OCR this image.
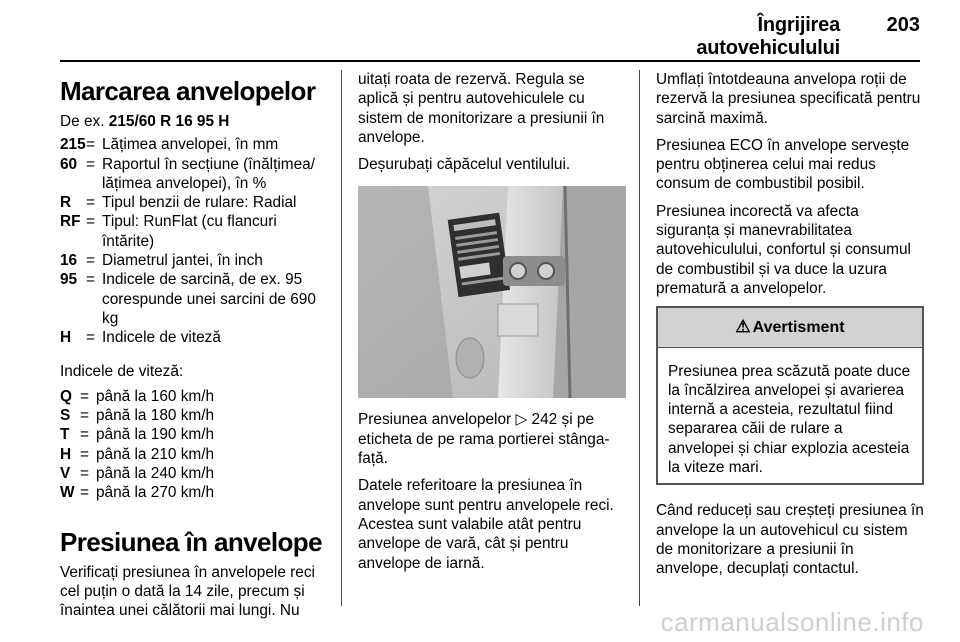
Îngrijirea autovehiculului
203
Marcarea anvelopelor

De ex. 215/60 R 16 95 H

215 = Lățimea anvelopei, în mm
60 = Raportul în secțiune (înălțimea/ lățimea anvelopei), în %
R = Tipul benzii de rulare: Radial
RF = Tipul: RunFlat (cu flancuri întărite)
16 = Diametrul jantei, în inch
95 = Indicele de sarcină, de ex. 95 corespunde unei sarcini de 690 kg
H = Indicele de viteză

Indicele de viteză:

Q = până la 160 km/h
S = până la 180 km/h
T = până la 190 km/h
H = până la 210 km/h
V = până la 240 km/h
W = până la 270 km/h
Presiunea în anvelope

Verificați presiunea în anvelopele reci cel puțin o dată la 14 zile, precum și înaintea unei călătorii mai lungi. Nu

uitați roata de rezervă. Regula se aplică și pentru autovehiculele cu sistem de monitorizare a presiunii în anvelope.

Deșurubați căpăcelul ventilului.

Presiunea anvelopelor ▷ 242 și pe eticheta de pe rama portierei stânga-față.

Datele referitoare la presiunea în anvelope sunt pentru anvelopele reci. Acestea sunt valabile atât pentru anvelope de vară, cât și pentru anvelope de iarnă.

Umflați întotdeauna anvelopa roții de rezervă la presiunea specificată pentru sarcină maximă.

Presiunea ECO în anvelope servește pentru obținerea celui mai redus consum de combustibil posibil.

Presiunea incorectă va afecta siguranța și manevrabilitatea autovehiculului, confortul și consumul de combustibil și va duce la uzura prematură a anvelopelor.

⚠ Avertisment
Presiunea prea scăzută poate duce la încălzirea anvelopei și avarierea internă a acesteia, rezultatul fiind separarea căii de rulare a anvelopei și chiar explozia acesteia la viteze mari.

Când reduceți sau creșteți presiunea în anvelope la un autovehicul cu sistem de monitorizare a presiunii în anvelope, decuplați contactul.

carmanualsonline.info
